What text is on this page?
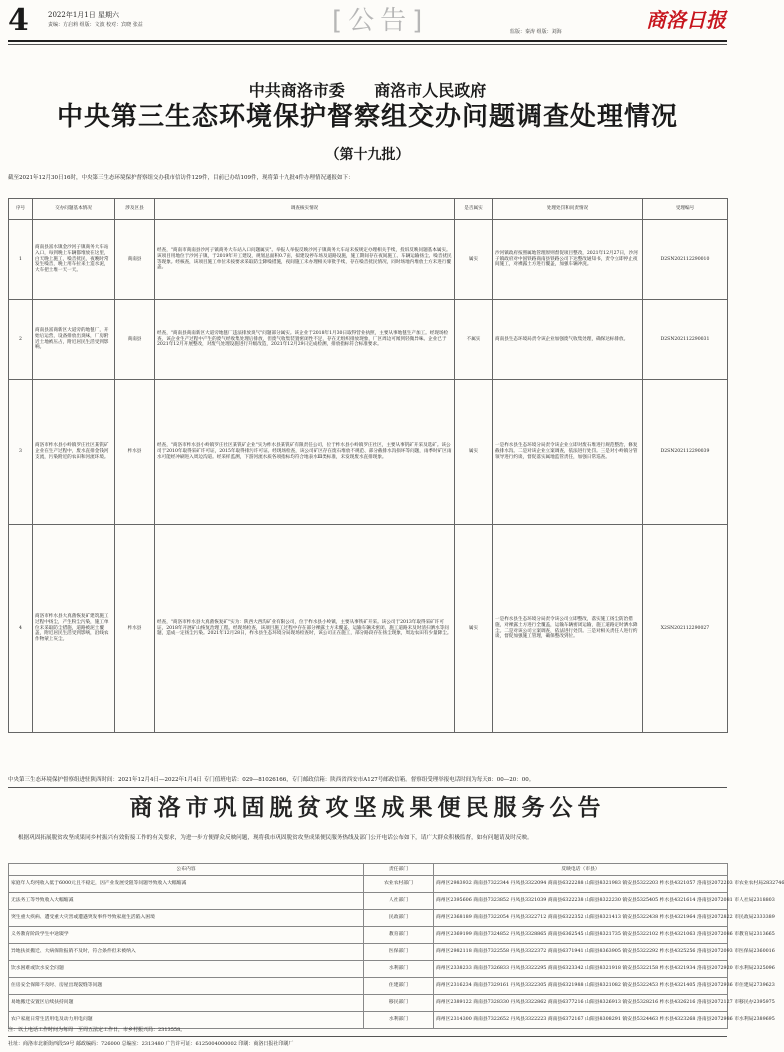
4	2022年1月1日 星期六
责编：方启莉 组版：文波 校对：宾晓 张益	[公告]	监版：秦涛 组版：刘海	商洛日报
中共商洛市委 商洛市人民政府
中央第三生态环境保护督察组交办问题调查处理情况
（第十九批）
截至2021年12月30日16时，中央第三生态环境保护督察组交办我市信访件129件，目前已办结109件，现将第十九批4件办理情况通报如下：
序号	交办问题基本情况	涉及区县	调查核实情况	是否属实	处理处罚和问责情况	受理编号
1	商南县富水镇金沙河子镇商务大车站入口，每到晚上车辆都堆放在这里，白天晚上施工，噪音扰民，夜晚时常发生噪音，晚上用车拉来土造水泥，大车把土堆一天一天。	商南县	经查，"商南市商南县沙河子镇商务大车站入口问题属实"。举报人举报反映沙河子镇商务大车站未按规定办理相关手续，投诉反映问题基本属实。该项目用地位于沙河子镇，于2019年开工建设，规划总面积0.7亩，拟建设停车场及道路设施，施工期间存在夜间施工、车辆运输扬尘、噪音扰民等现象。经核查，该项目施工单位未按要求采取防尘降噪措施，夜间施工未办理相关审批手续，存在噪音扰民情况，同时场地内堆放土方未进行覆盖。	属实	沙河镇政府按照属地管理原则督促项目整改，2021年12月27日，沙河子镇政府对中国铁路商南县铁路公司下达整改通知书，责令立即停止夜间施工，对裸露土方进行覆盖，加强车辆冲洗。	D2SN202112290010
2	商南县富商新区大道旁的地毯厂，开始后运营，设备排放出臭味，厂房附近土地被压占，附近居民生活受到影响。	商南县	经查，"商南县商南新区大道旁地毯厂违法排放臭气"问题部分属实。该企业于2018年1月30日取得营业执照，主要从事地毯生产加工。经现场检查，该企业生产过程中产生的废气经收集处理后排放，但废气收集装置密闭性不足，存在无组织排放现象，厂区周边可闻到轻微异味。企业已于2021年12月开展整改，对废气处理设施进行升级改造，2021年12月29日完成检测，排放指标符合标准要求。	不属实	商南县生态环境局责令该企业加强废气收集处理，确保达标排放。	D2SN202112290031
3	商洛市柞水县小岭镇罗庄社区某钒矿企业在生产过程中，废水直排金钱河支流，污染附近的农田和河流环境。	柞水县	经查，"商洛市柞水县小岭镇罗庄社区某钒矿企业"实为柞水县某钒矿有限责任公司，位于柞水县小岭镇罗庄社区，主要从事钒矿开采及选矿。该公司于2010年取得采矿许可证，2015年取得排污许可证。经现场检查，该公司矿区存在废石堆放不规范、部分截排水沟损坏等问题，雨季时矿区雨水可能经冲刷进入周边沟道。经采样监测，下游河流水质各项指标均符合地表水Ⅲ类标准，未发现废水直排现象。	属实	一是柞水县生态环境分局责令该企业立即对废石堆进行规范整治，修复截排水沟。二是对该企业立案调查，依法进行处罚。三是对小岭镇分管领导进行约谈，督促落实属地监管责任，加强日常巡查。	D2SN202112290039
4	商洛市柞水县大真菌恢复矿建筑施工过程中扬尘，产生粉尘污染，施工单位未采取防尘措施，道路被泥土覆盖，附近居民生活受到影响，沿线农作物蒙上灰尘。	柞水县	经查，"商洛市柞水县大真菌恢复矿"实为：陕西大西沟矿业有限公司，位于柞水县小岭镇，主要从事铁矿开采。该公司于2013年取得采矿许可证，2018年开展矿山恢复治理工程。经现场检查，该项目施工过程中存在部分裸露土方未覆盖、运输车辆未密闭、施工道路未及时清扫洒水等问题，造成一定扬尘污染。2021年12月28日，柞水县生态环境分局现场检查时，该公司正在施工，部分路段存在扬尘现象，周边农田有少量降尘。	属实	一是柞水县生态环境分局责令该公司立即整改，落实施工扬尘防治措施，对裸露土方进行全覆盖，运输车辆密闭运输，施工道路定时洒水降尘。二是对该公司立案调查，依法进行处罚。三是对相关责任人进行约谈，督促加强施工管理，确保整改到位。	X2SN202112290027
中央第三生态环境保护督察组进驻陕西时间：2021年12月4日—2022年1月4日 专门值班电话：029—81026166，专门邮政信箱：陕西省西安市A127号邮政信箱。督察组受理举报电话时间为每天8：00—20：00。
商洛市巩固脱贫攻坚成果便民服务公告
根据巩固拓展脱贫攻坚成果同乡村振兴有效衔接工作的有关要求，为进一步方便群众反映问题，现将我市巩固脱贫攻坚成果便民服务热线及部门公开电话公布如下，请广大群众积极监督，如有问题请及时反映。
公布内容	责任部门	反映电话（市县）
家庭年人均纯收入低于6000元且不稳定，因产业发展受阻等问题导致收入大幅缩减	农业农村部门	商州区2983932 商南县7322344 丹凤县3322094 商南县6322288 山阳县8321983 镇安县5322203 柞水县4321057 洛南县2072203 市农业农村局2832746
无法务工等导致收入大幅缩减	人社部门	商州区2395606 商南县7323852 丹凤县3321039 商南县6322238 山阳县8322230 镇安县5325405 柞水县4321614 洛南县2072081 市人社局2318803
突生重大疾病、遭受重大灾害或遭遇突发事件导致家庭生活陷入困境	民政部门	商州区2368189 商南县7322054 丹凤县3322712 商南县6322352 山阳县8321413 镇安县5322438 柞水县4321964 洛南县2072822 市民政局2333389
义务教育阶段学生中途辍学	教育部门	商州区2369199 商南县7324852 丹凤县3328865 商南县6362545 山阳县8321735 镇安县5322102 柞水县4321063 洛南县2072086 市教育局2313665
异地扶贫搬迁、大病保险报销不及时，符合条件但未被纳入	医保部门	商州区2982118 商南县7322558 丹凤县3322372 商南县6371941 山阳县8363905 镇安县5322292 柞水县4325256 洛南县2072093 市医保局2360016
饮水困难或饮水安全问题	水利部门	商州区2338233 商南县7326833 丹凤县3322295 商南县6323342 山阳县8321918 镇安县5322158 柞水县4321934 洛南县2072920 市水利局2325096
住房安全保障不及时、房屋出现裂缝等问题	住建部门	商州区2316234 商南县7329161 丹凤县3322305 商南县6321988 山阳县8321082 镇安县5322453 柞水县4321405 洛南县2072936 市住建局2739623
易地搬迁安置区后续扶持问题	移民部门	商州区2389122 商南县7328330 丹凤县3322862 商南县6377216 山阳县8326913 镇安县5328216 柞水县4326216 洛南县2072127 市移民办2395975
农户家庭日常生活用电及动力用电问题	水利部门	商州区2314300 商南县7322652 丹凤县3322223 商南县6372167 山阳县8308291 镇安县5324463 柞水县4323268 洛南县2072986 市水利局2389695
注：以上电话工作时间为每周一至周五法定工作日，市乡村振兴局：2313558。
社址：商洛市北新街西段59号 邮政编码：726000 总编室：2313480 广告许可证：6125004000002 印刷：商洛日报社印刷厂
